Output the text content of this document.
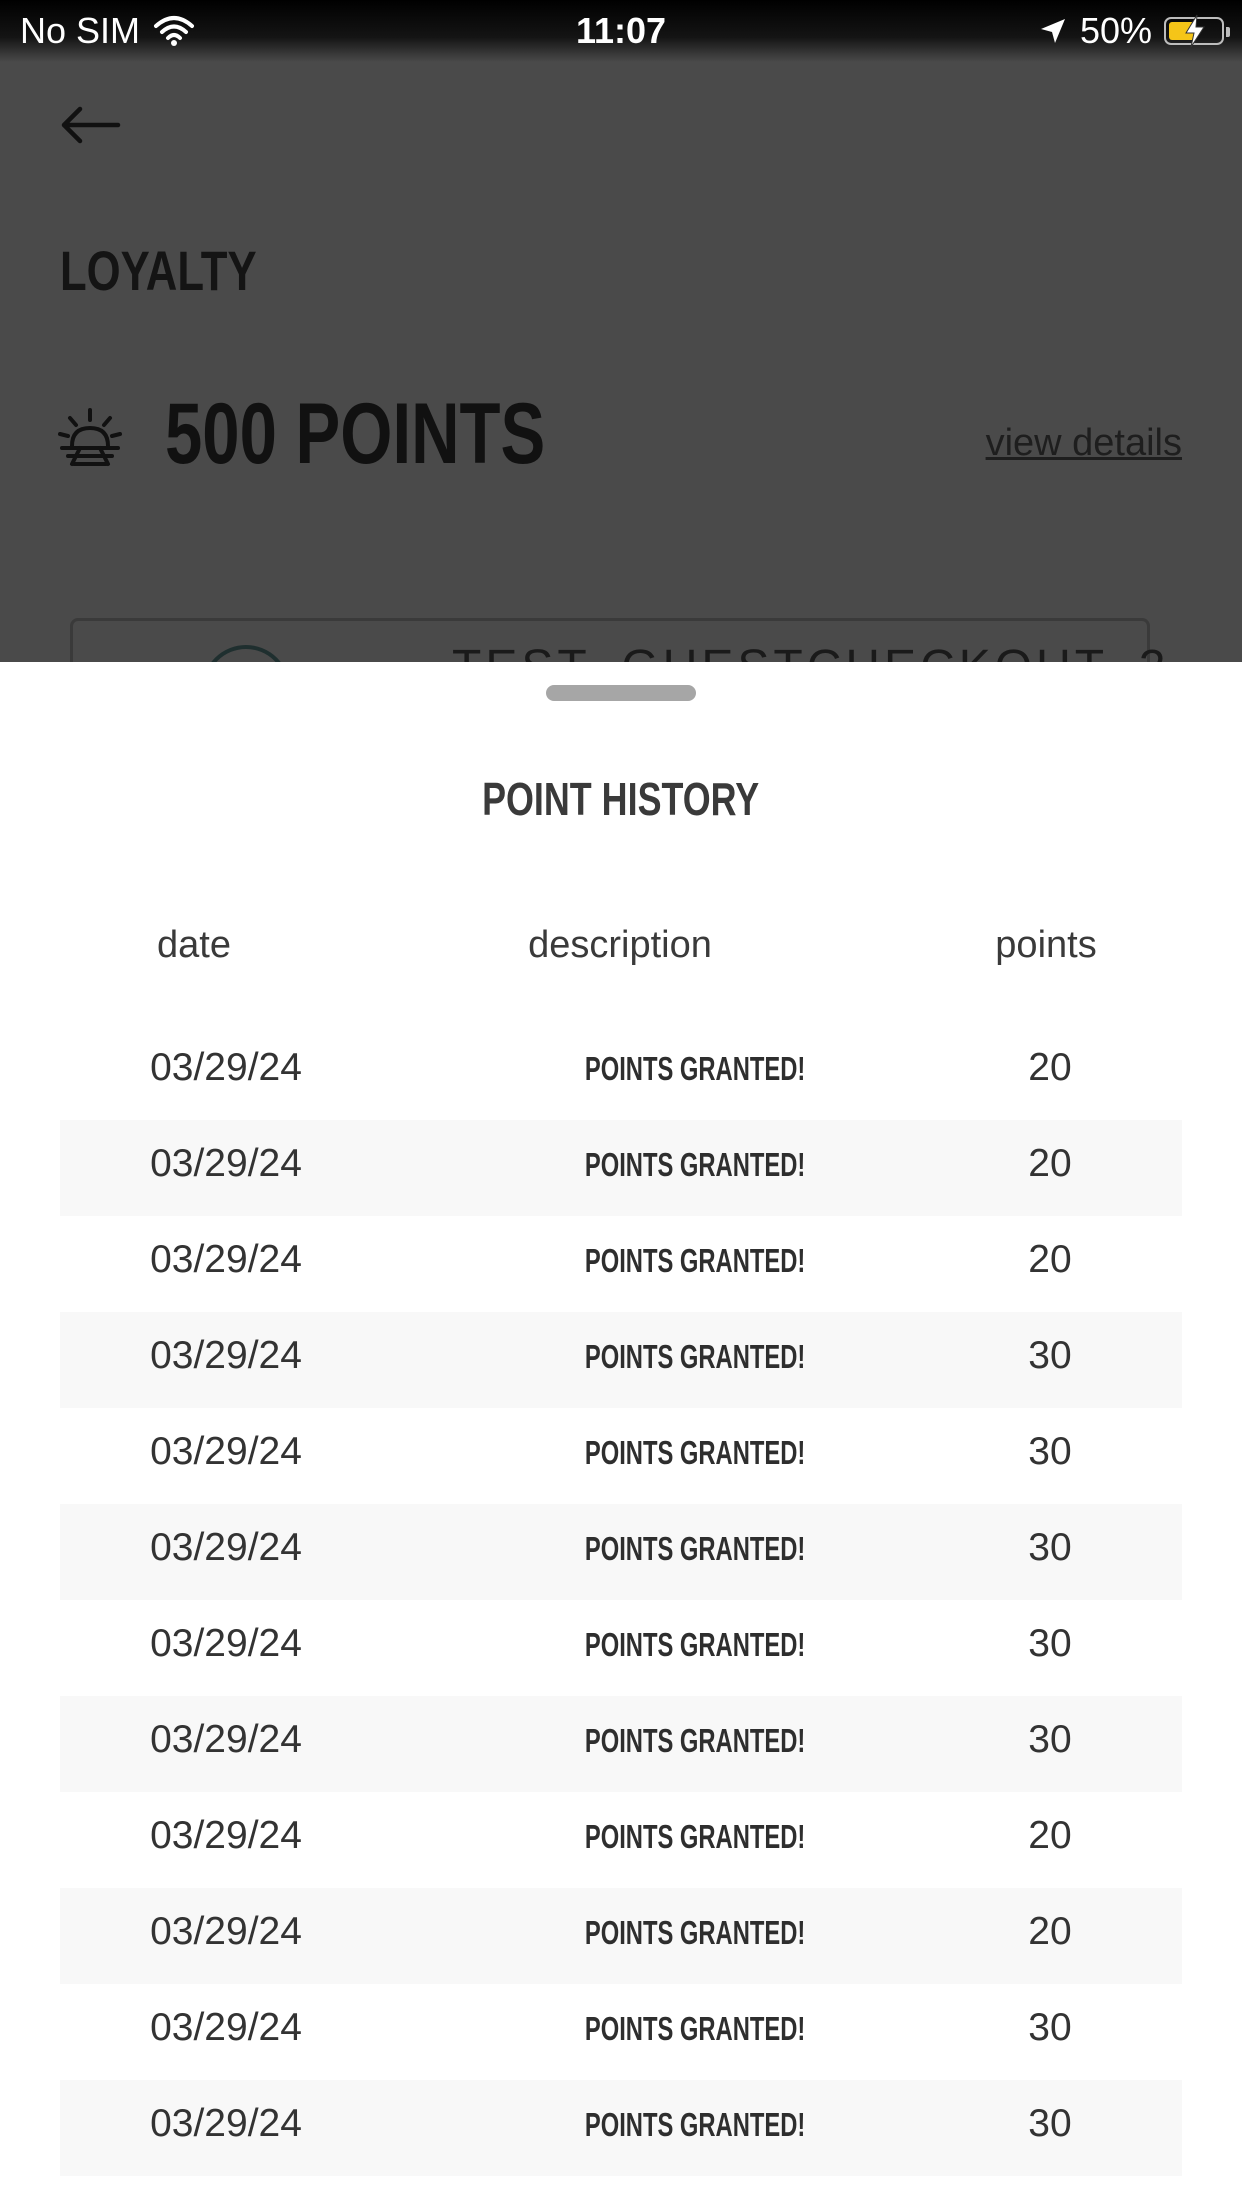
No SIM	11:07	50%
LOYALTY
500 POINTS	view details
POINT HISTORY
date	description	points
03/29/24	POINTS GRANTED!	20
03/29/24	POINTS GRANTED!	20
03/29/24	POINTS GRANTED!	20
03/29/24	POINTS GRANTED!	30
03/29/24	POINTS GRANTED!	30
03/29/24	POINTS GRANTED!	30
03/29/24	POINTS GRANTED!	30
03/29/24	POINTS GRANTED!	30
03/29/24	POINTS GRANTED!	20
03/29/24	POINTS GRANTED!	20
03/29/24	POINTS GRANTED!	30
03/29/24	POINTS GRANTED!	30
